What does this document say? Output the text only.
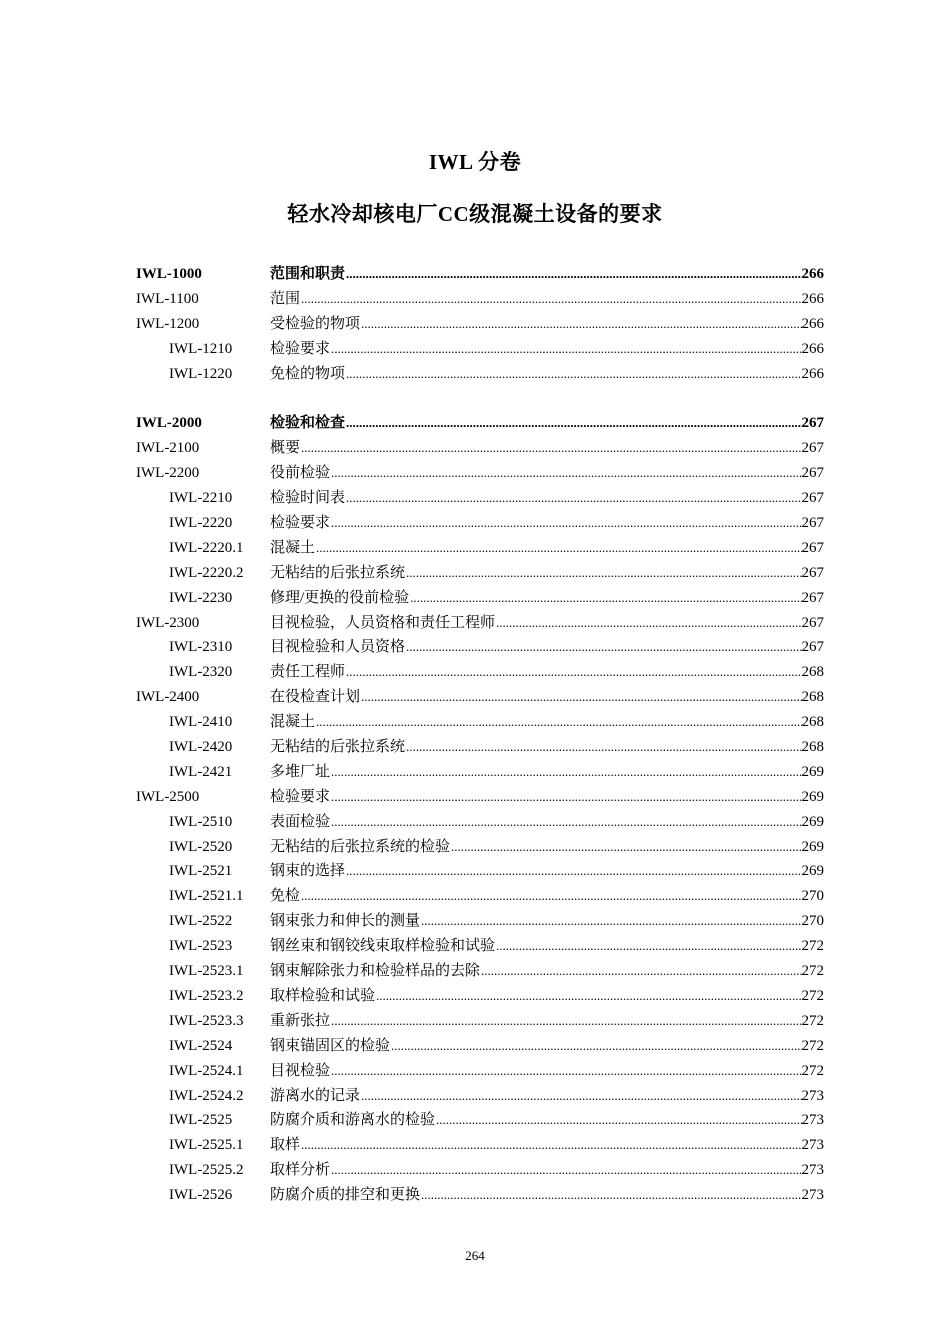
IWL 分卷
轻水冷却核电厂CC级混凝土设备的要求
IWL-1000	范围和职责 .....	266
IWL-1100	范围 .....	266
IWL-1200	受检验的物项 .....	266
IWL-1210	检验要求 .....	266
IWL-1220	免检的物项 .....	266
IWL-2000	检验和检查 .....	267
IWL-2100	概要 .....	267
IWL-2200	役前检验 .....	267
IWL-2210	检验时间表 .....	267
IWL-2220	检验要求 .....	267
IWL-2220.1	混凝土 .....	267
IWL-2220.2	无粘结的后张拉系统 .....	267
IWL-2230	修理/更换的役前检验 .....	267
IWL-2300	目视检验，人员资格和责任工程师 .....	267
IWL-2310	目视检验和人员资格 .....	267
IWL-2320	责任工程师 .....	268
IWL-2400	在役检查计划 .....	268
IWL-2410	混凝土 .....	268
IWL-2420	无粘结的后张拉系统 .....	268
IWL-2421	多堆厂址 .....	269
IWL-2500	检验要求 .....	269
IWL-2510	表面检验 .....	269
IWL-2520	无粘结的后张拉系统的检验 .....	269
IWL-2521	钢束的选择 .....	269
IWL-2521.1	免检 .....	270
IWL-2522	钢束张力和伸长的测量 .....	270
IWL-2523	钢丝束和钢铰线束取样检验和试验 .....	272
IWL-2523.1	钢束解除张力和检验样品的去除 .....	272
IWL-2523.2	取样检验和试验 .....	272
IWL-2523.3	重新张拉 .....	272
IWL-2524	钢束锚固区的检验 .....	272
IWL-2524.1	目视检验 .....	272
IWL-2524.2	游离水的记录 .....	273
IWL-2525	防腐介质和游离水的检验 .....	273
IWL-2525.1	取样 .....	273
IWL-2525.2	取样分析 .....	273
IWL-2526	防腐介质的排空和更换 .....	273
264
